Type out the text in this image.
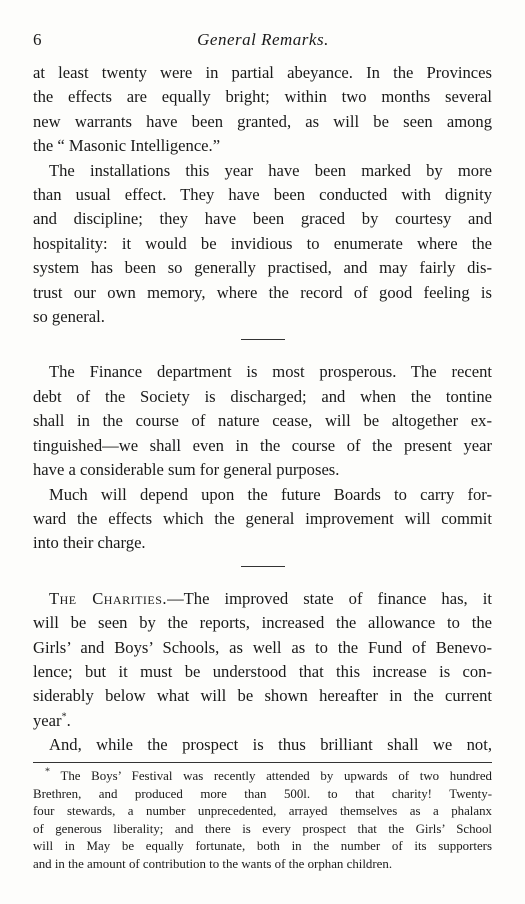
6	General Remarks.

at least twenty were in partial abeyance. In the Provinces
the effects are equally bright; within two months several
new warrants have been granted, as will be seen among
the “ Masonic Intelligence.”

The installations this year have been marked by more
than usual effect. They have been conducted with dignity
and discipline; they have been graced by courtesy and
hospitality: it would be invidious to enumerate where the
system has been so generally practised, and may fairly dis-
trust our own memory, where the record of good feeling is
so general.

The Finance department is most prosperous. The recent
debt of the Society is discharged; and when the tontine
shall in the course of nature cease, will be altogether ex-
tinguished—we shall even in the course of the present year
have a considerable sum for general purposes.

Much will depend upon the future Boards to carry for-
ward the effects which the general improvement will commit
into their charge.

The Charities.—The improved state of finance has, it
will be seen by the reports, increased the allowance to the
Girls’ and Boys’ Schools, as well as to the Fund of Benevo-
lence; but it must be understood that this increase is con-
siderably below what will be shown hereafter in the current
year*.

And, while the prospect is thus brilliant shall we not,

* The Boys’ Festival was recently attended by upwards of two hundred
Brethren, and produced more than 500l. to that charity! Twenty-
four stewards, a number unprecedented, arrayed themselves as a phalanx
of generous liberality; and there is every prospect that the Girls’ School
will in May be equally fortunate, both in the number of its supporters
and in the amount of contribution to the wants of the orphan children.
